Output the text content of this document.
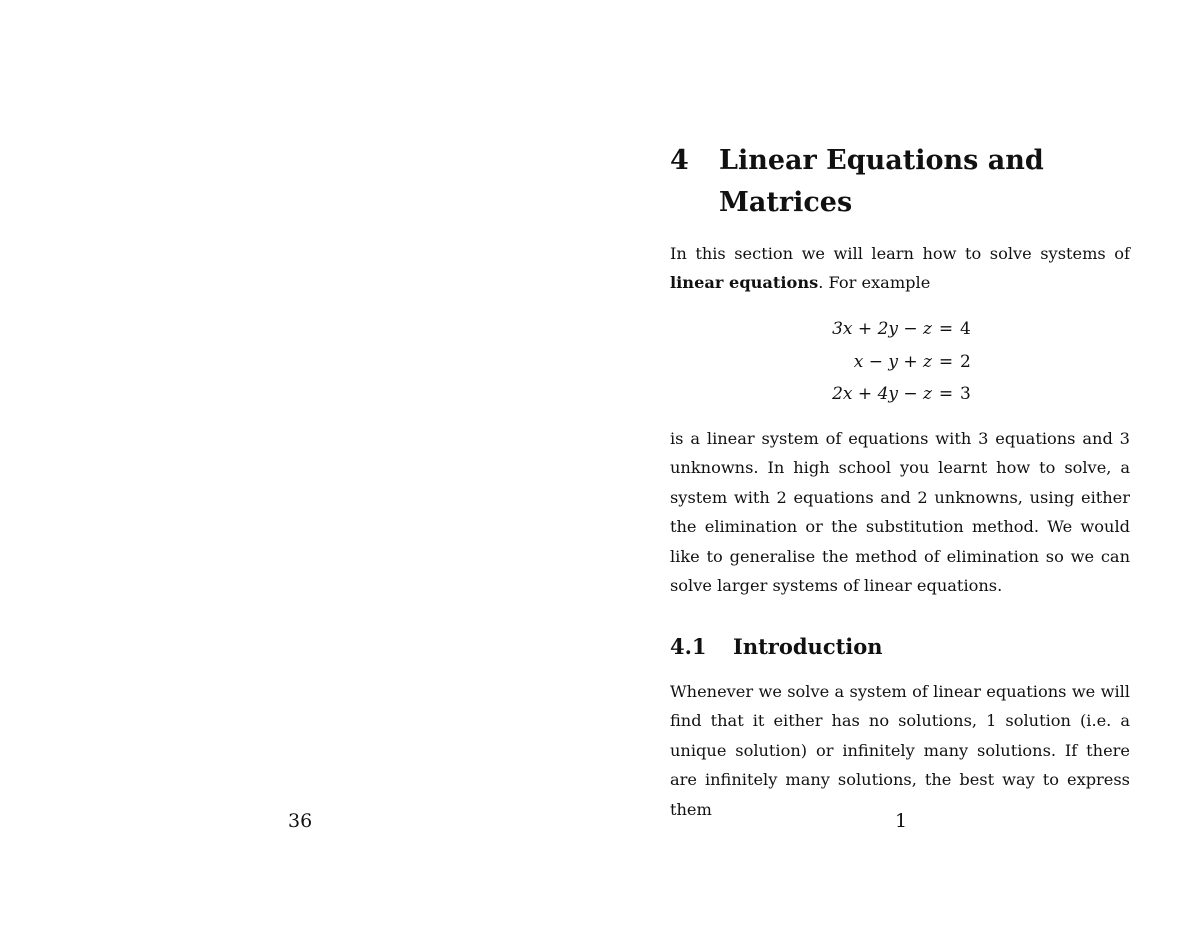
36
4 Linear Equations and Matrices
In this section we will learn how to solve systems of linear equations. For example
3x + 2y − z = 4
x − y + z = 2
2x + 4y − z = 3
is a linear system of equations with 3 equations and 3 unknowns. In high school you learnt how to solve, a system with 2 equations and 2 unknowns, using either the elimination or the substitution method. We would like to generalise the method of elimination so we can solve larger systems of linear equations.
4.1 Introduction
Whenever we solve a system of linear equations we will find that it either has no solutions, 1 solution (i.e. a unique solution) or infinitely many solutions. If there are infinitely many solutions, the best way to express them
1
